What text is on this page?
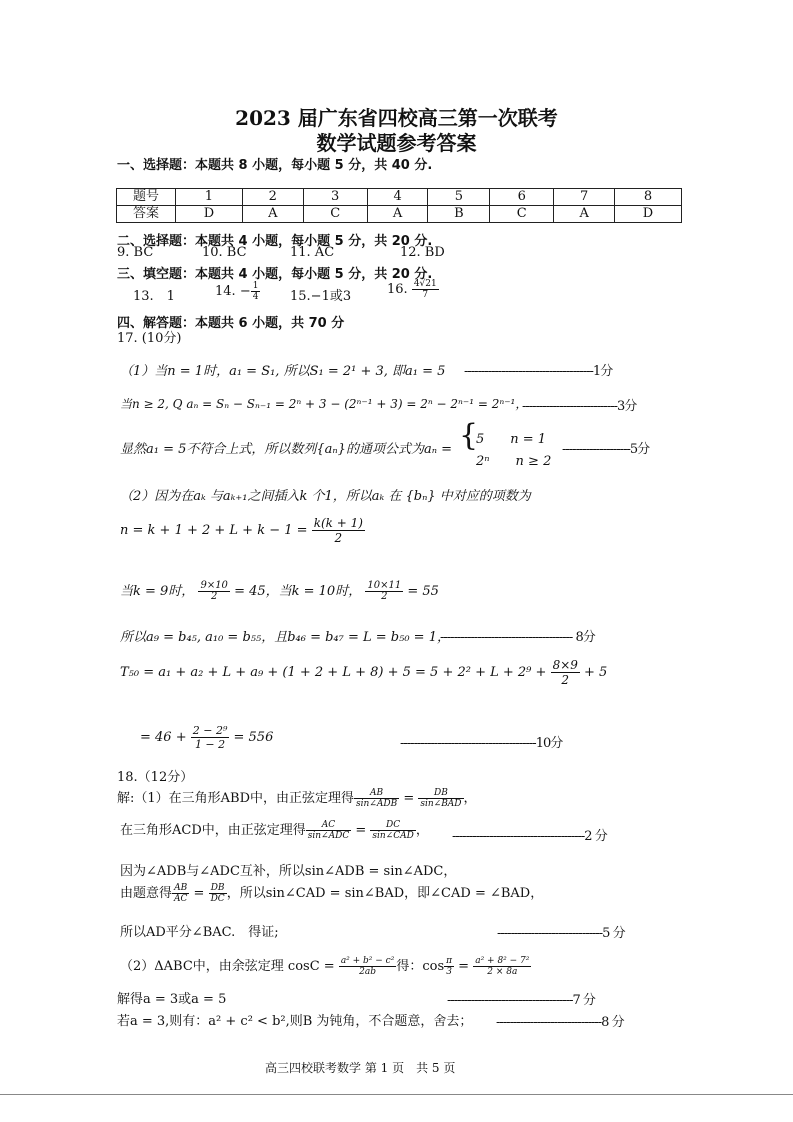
2023 届广东省四校高三第一次联考
数学试题参考答案
一、选择题：本题共 8 小题，每小题 5 分，共 40 分.
题号	1	2	3	4	5	6	7	8
答案	D	A	C	A	B	C	A	D
二、选择题：本题共 4 小题，每小题 5 分，共 20 分.
9. BC	10. BC	11. AC	12. BD
三、填空题：本题共 4 小题，每小题 5 分，共 20 分.
13.　1	14. − $\frac{1}{4} 15.-1$或3	16. $\frac{4√21}{7}$
四、解答题：本题共 6 小题，共 70 分
17. (10分)
（1）当n = 1时，a₁ = S₁, 所以S₁ = 2¹ + 3, 即a₁ = 5 --------------------------------------1分
当n ≥ 2, Q aₙ = Sₙ − Sₙ₋₁ = 2ⁿ + 3 − (2ⁿ⁻¹ + 3) = 2ⁿ − 2ⁿ⁻¹ = 2ⁿ⁻¹，
----------------------------3分
显然a₁ = 5不符合上式，所以数列{aₙ}的通项公式为aₙ = {
5　　n = 1
2ⁿ　　n ≥ 2
--------------------5分
（2）因为在aₖ 与aₖ₊₁之间插入k 个1，所以aₖ 在 {bₙ} 中对应的项数为
$n = k + 1 + 2 + L + k - 1 = \frac{k(k + 1)}{2}$
当k = 9时， $\frac{9\times 10}{2} = 45$，当k = 10时， $\frac{10\times 11}{2} = 55$
所以a₉ = b₄₅, a₁₀ = b₅₅，且b₄₆ = b₄₇ = L = b₅₀ = 1，
--------------------------------------- 8分
$T_{50} = a_1 + a_2 + L + a_9 + (1 + 2 + L + 8) + 5 = 5 + 2^2 + L + 2^9 + \frac{8\times 9}{2} + 5$
= $46 + \frac{\text{2 − 2⁹}}{1 - 2} = 556$	----------------------------------------10分
18.（12分）
解:（1）在三角形ABD中，由正弦定理得 $\frac{AB}{\text{sin∠ADB}} = \frac{DB}{\text{sin∠BAD}}$ ，
在三角形ACD中，由正弦定理得 $\frac{AC}{\text{sin∠ADC}} = \frac{DC}{\text{sin∠CAD}}$ ， ---------------------------------------2 分
因为∠ADB与∠ADC互补，所以sin∠ADB = sin∠ADC，
由题意得 $\frac{AB}{AC} = \frac{DB}{DC}$ ，所以sin∠CAD = sin∠BAD，即∠CAD = ∠BAD，
所以AD平分∠BAC.　得证;	-------------------------------5 分
（2）ΔABC中，由余弦定理 $\cos C = \frac{\text{a² + b² − c²}}{2ab}$ 得：$\cos \frac{\pi}{3} = \frac{\text{a² + 8² − 7²}}{2 \times 8a}$
解得a = 3或a = 5	-------------------------------------7 分
若a = 3,则有：a² + c² < b²,则B 为钝角，不合题意，舍去； -------------------------------8 分
高三四校联考数学 第 1 页　共 5 页
